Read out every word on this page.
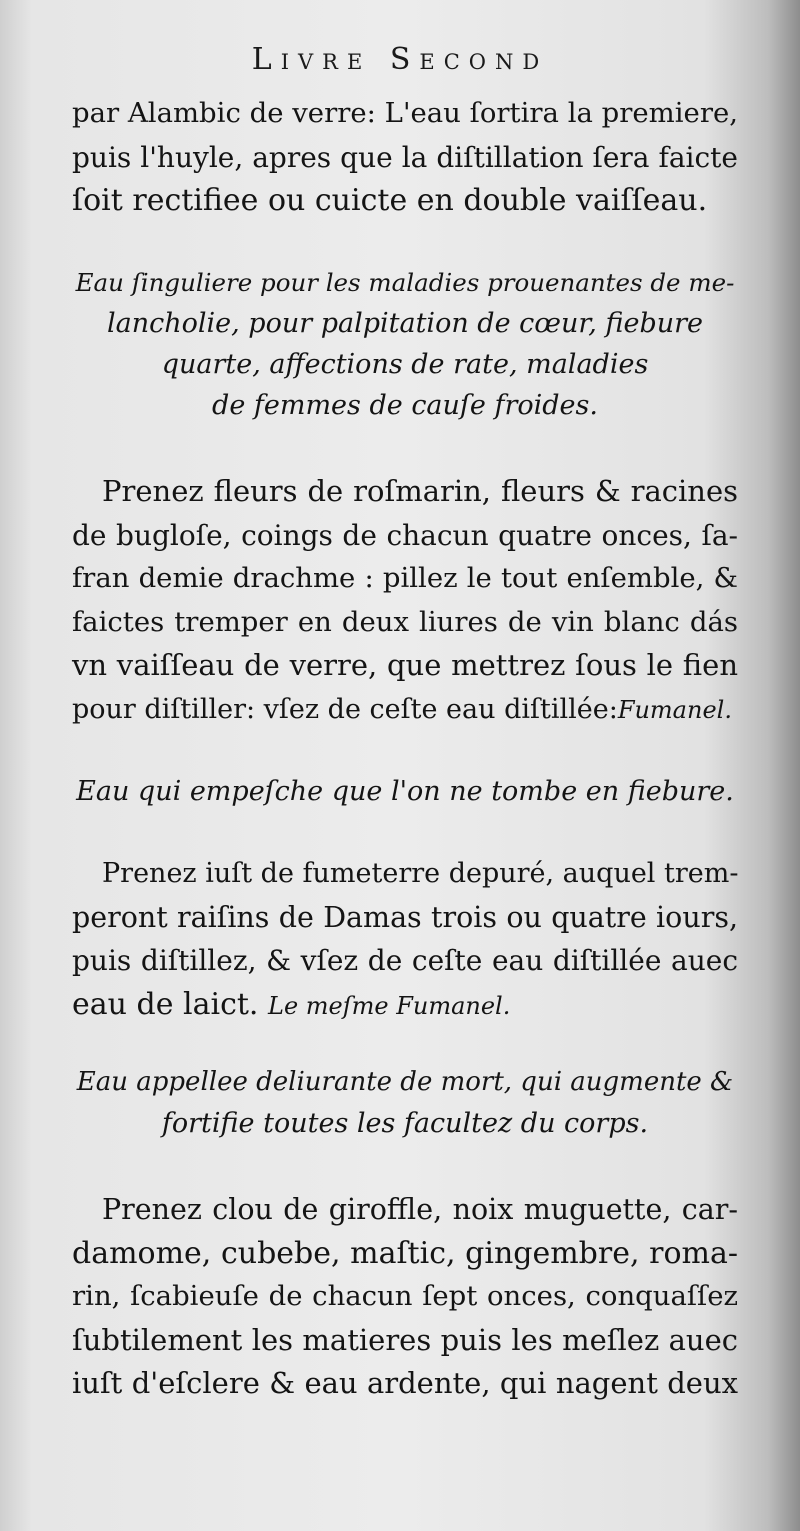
Livre Second
par Alambic de verre: L'eau ſortira la premiere,
puis l'huyle, apres que la diſtillation ſera faicte
ſoit rectifiee ou cuicte en double vaiſſeau.
Eau ſinguliere pour les maladies prouenantes de me-
lancholie, pour palpitation de cœur, fiebure
quarte, affections de rate, maladies
de femmes de cauſe froides.
Prenez fleurs de roſmarin, fleurs & racines
de bugloſe, coings de chacun quatre onces, ſa-
fran demie drachme : pillez le tout enſemble, &
faictes tremper en deux liures de vin blanc dás
vn vaiſſeau de verre, que mettrez ſous le fien
pour diſtiller: vſez de ceſte eau diſtillée:Fumanel.
Eau qui empeſche que l'on ne tombe en fiebure.
Prenez iuſt de fumeterre depuré, auquel trem-
peront raiſins de Damas trois ou quatre iours,
puis diſtillez, & vſez de ceſte eau diſtillée auec
eau de laict. Le meſme Fumanel.
Eau appellee deliurante de mort, qui augmente &
fortifie toutes les facultez du corps.
Prenez clou de giroffle, noix muguette, car-
damome, cubebe, maſtic, gingembre, roma-
rin, ſcabieuſe de chacun ſept onces, conquaſſez
ſubtilement les matieres puis les meſlez auec
iuſt d'eſclere & eau ardente, qui nagent deux
